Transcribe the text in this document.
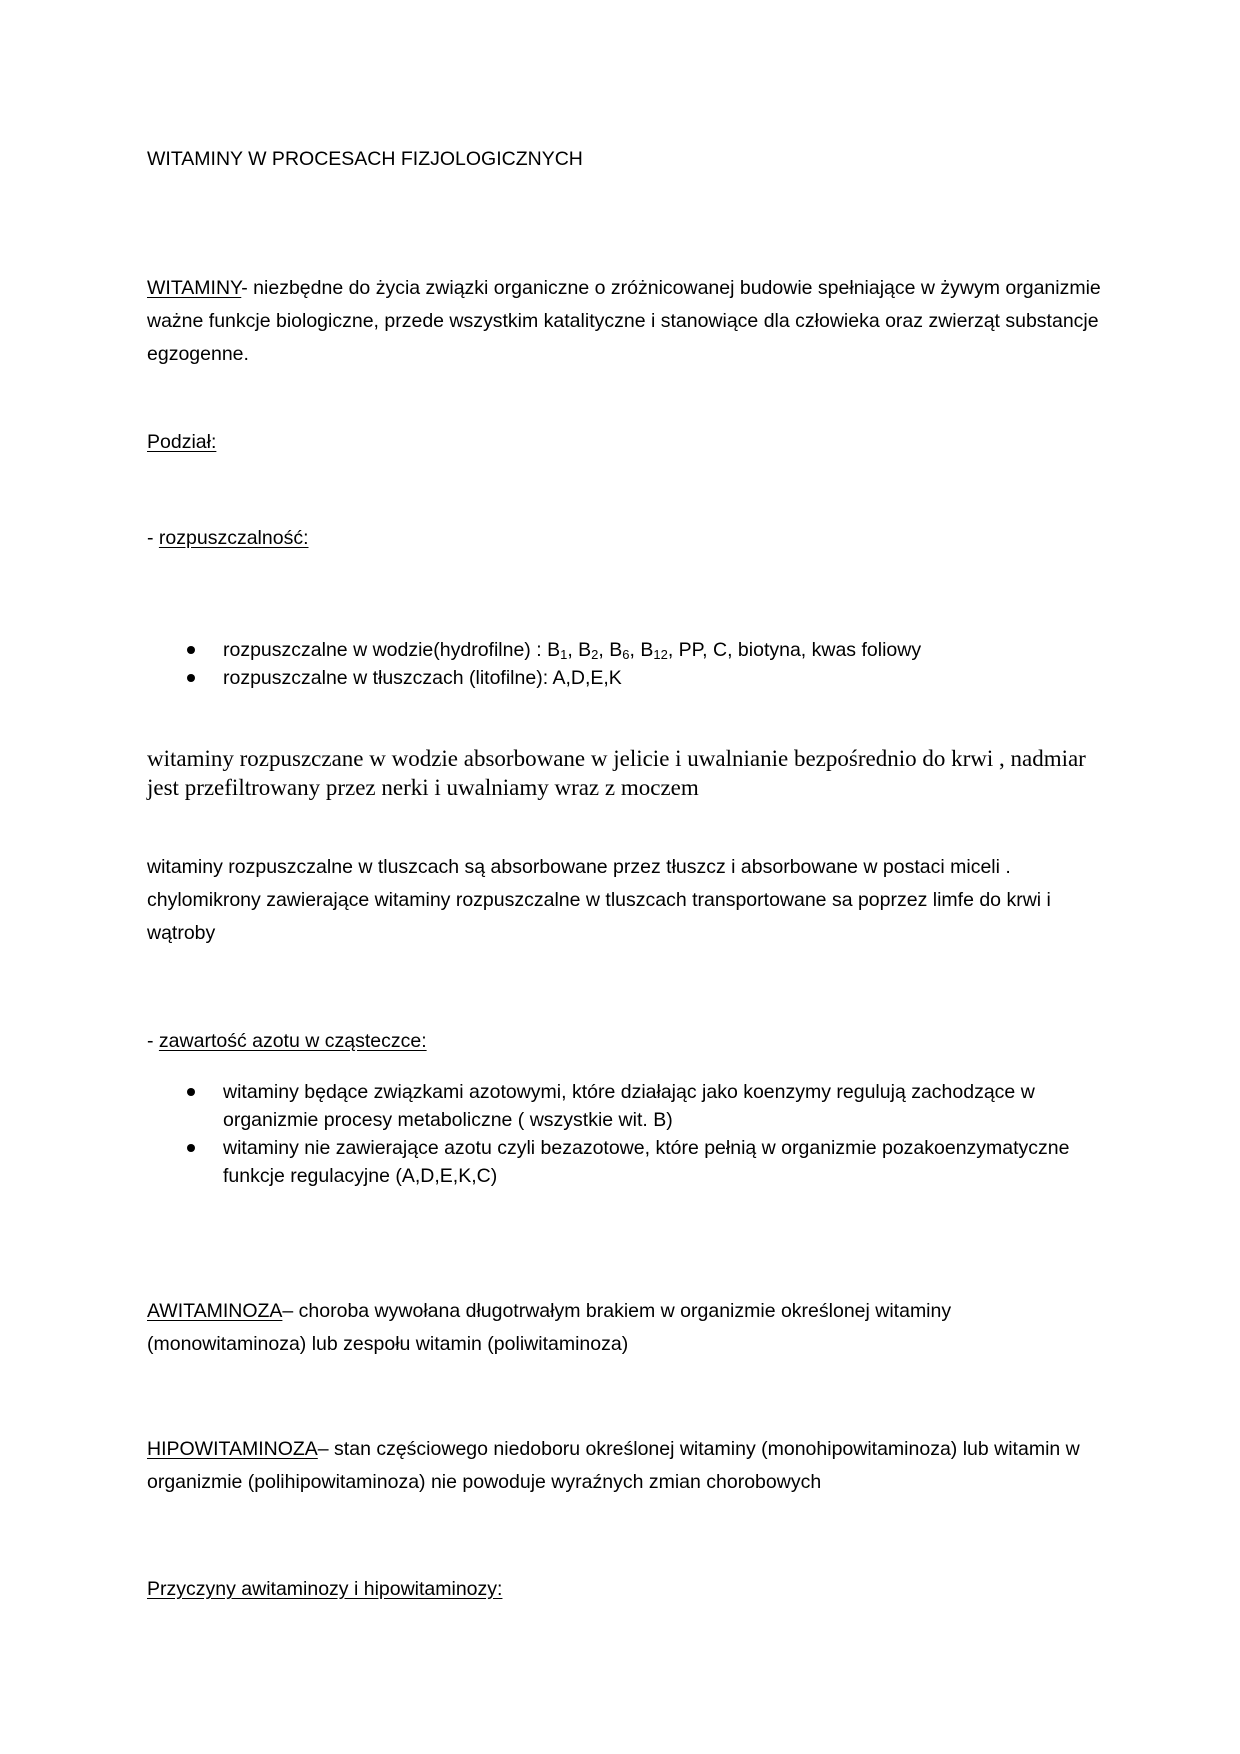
WITAMINY W PROCESACH FIZJOLOGICZNYCH

WITAMINY- niezbędne do życia związki organiczne o zróżnicowanej budowie spełniające w żywym organizmie ważne funkcje biologiczne, przede wszystkim katalityczne i stanowiące dla człowieka oraz zwierząt substancje egzogenne.

Podział:

- rozpuszczalność:

rozpuszczalne w wodzie(hydrofilne) : $B_1$, $B_2$, $B_6$, $B_{12}$, PP, C, biotyna, kwas foliowy
rozpuszczalne w tłuszczach (litofilne): A,D,E,K

witaminy rozpuszczane w wodzie absorbowane w jelicie i uwalnianie bezpośrednio do krwi , nadmiar jest przefiltrowany przez nerki i uwalniamy wraz z moczem

witaminy rozpuszczalne w tluszcach są absorbowane przez tłuszcz i absorbowane w postaci miceli . chylomikrony zawierające witaminy rozpuszczalne w tluszcach transportowane sa poprzez limfe do krwi i wątroby

- zawartość azotu w cząsteczce:

witaminy będące związkami azotowymi, które działając jako koenzymy regulują zachodzące w organizmie procesy metaboliczne ( wszystkie wit. B)
witaminy nie zawierające azotu czyli bezazotowe, które pełnią w organizmie pozakoenzymatyczne funkcje regulacyjne (A,D,E,K,C)

AWITAMINOZA– choroba wywołana długotrwałym brakiem w organizmie określonej witaminy (monowitaminoza) lub zespołu witamin (poliwitaminoza)

HIPOWITAMINOZA– stan częściowego niedoboru określonej witaminy (monohipowitaminoza) lub witamin w organizmie (polihipowitaminoza) nie powoduje wyraźnych zmian chorobowych

Przyczyny awitaminozy i hipowitaminozy:
